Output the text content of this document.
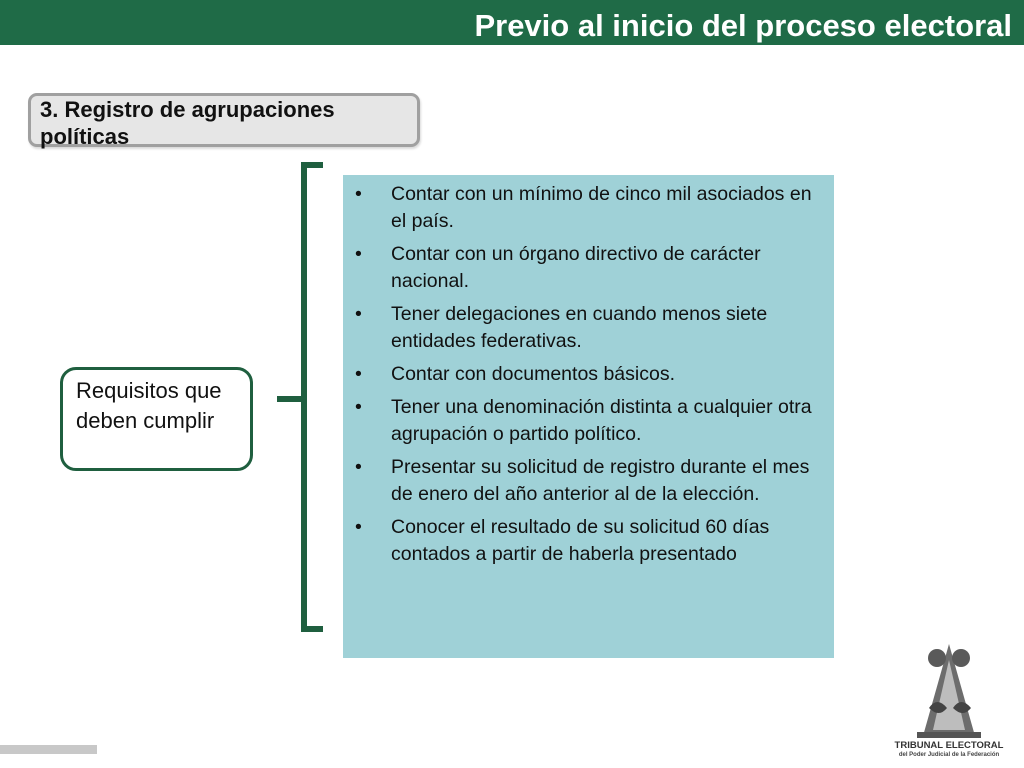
Previo al inicio del proceso electoral
3. Registro de agrupaciones políticas
Requisitos que deben cumplir
• Contar con un mínimo de cinco mil asociados en el país.
• Contar con un órgano directivo de carácter nacional.
• Tener delegaciones en cuando menos siete entidades federativas.
• Contar con documentos básicos.
• Tener una denominación distinta a cualquier otra agrupación o partido político.
• Presentar su solicitud de registro durante el mes de enero del año anterior al de la elección.
• Conocer el resultado de su solicitud 60 días contados a partir de haberla presentado
TRIBUNAL ELECTORAL
del Poder Judicial de la Federación
